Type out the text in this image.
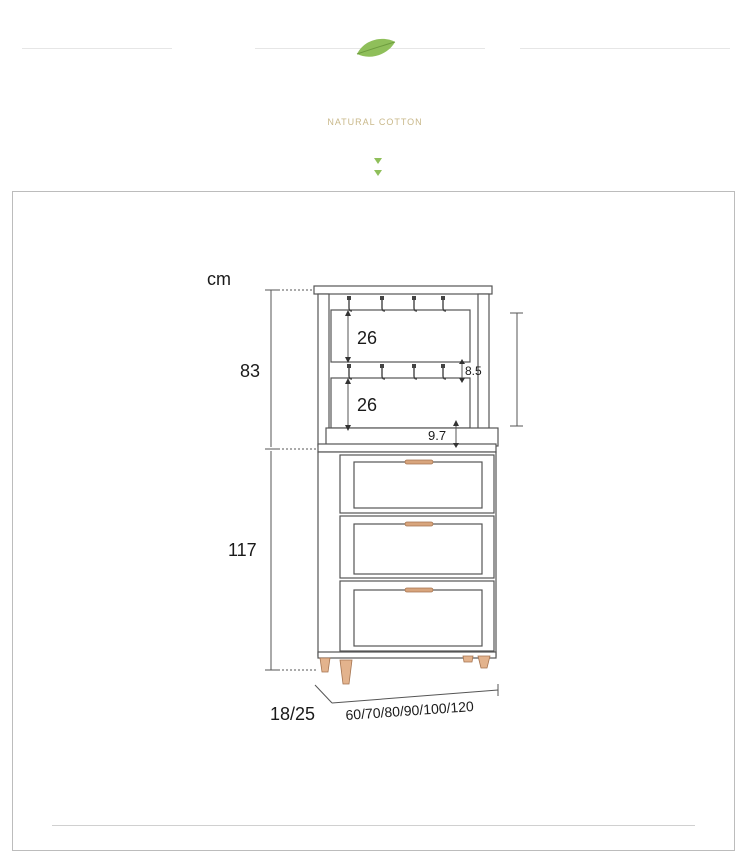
NATURAL COTTON
cm
83
117
26
26
8.5
9.7
18/25 60/70/80/90/100/120
